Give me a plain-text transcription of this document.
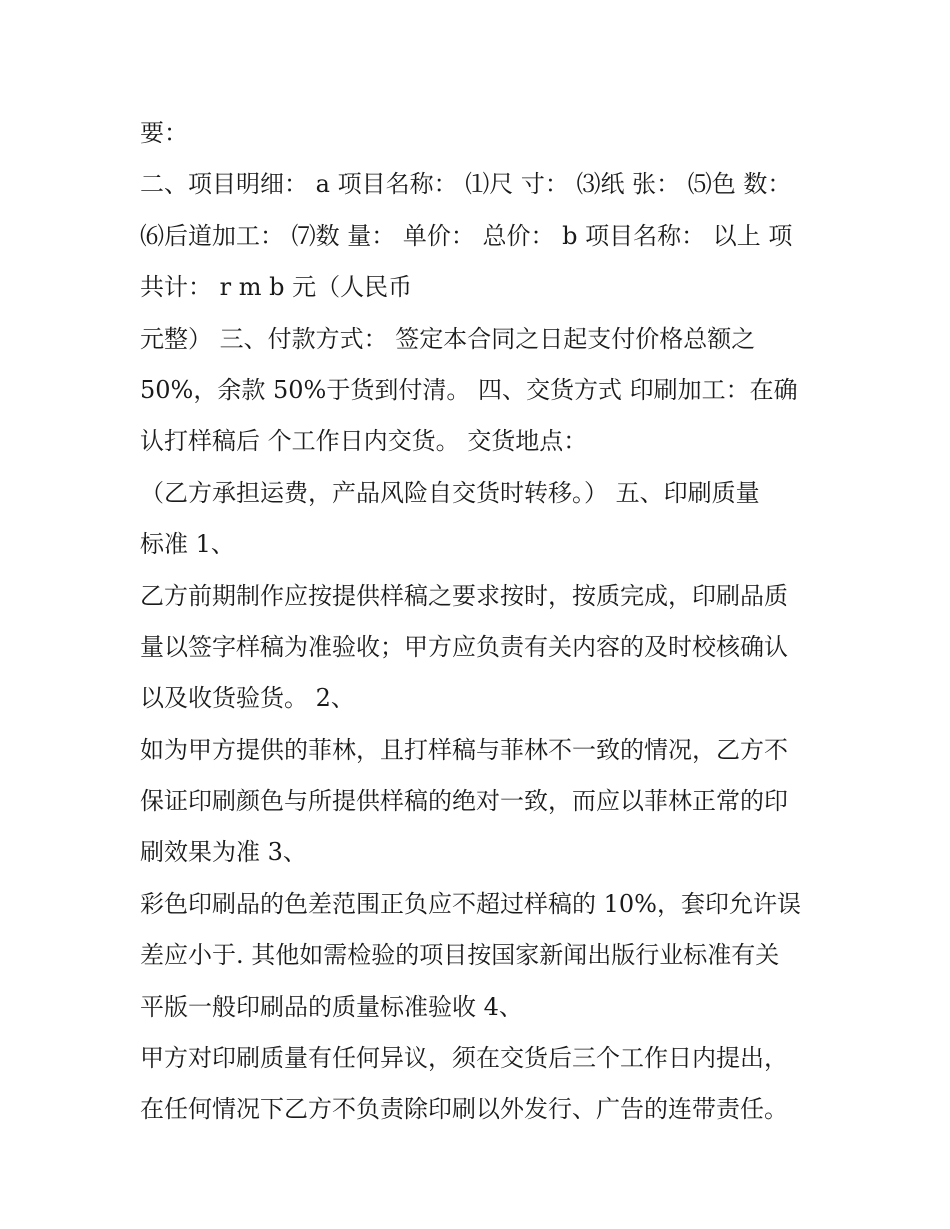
要：
二、项目明细： a 项目名称： ⑴尺 寸： ⑶纸 张： ⑸色 数：
⑹后道加工： ⑺数 量： 单价： 总价： b 项目名称： 以上 项
共计： r m b 元（人民币
元整） 三、付款方式： 签定本合同之日起支付价格总额之
50%，余款 50%于货到付清。 四、交货方式 印刷加工：在确
认打样稿后 个工作日内交货。 交货地点：
（乙方承担运费，产品风险自交货时转移。） 五、印刷质量
标准 1、
乙方前期制作应按提供样稿之要求按时，按质完成，印刷品质
量以签字样稿为准验收；甲方应负责有关内容的及时校核确认
以及收货验货。 2、
如为甲方提供的菲林，且打样稿与菲林不一致的情况，乙方不
保证印刷颜色与所提供样稿的绝对一致，而应以菲林正常的印
刷效果为准 3、
彩色印刷品的色差范围正负应不超过样稿的 10%，套印允许误
差应小于. 其他如需检验的项目按国家新闻出版行业标准有关
平版一般印刷品的质量标准验收 4、
甲方对印刷质量有任何异议，须在交货后三个工作日内提出，
在任何情况下乙方不负责除印刷以外发行、广告的连带责任。
